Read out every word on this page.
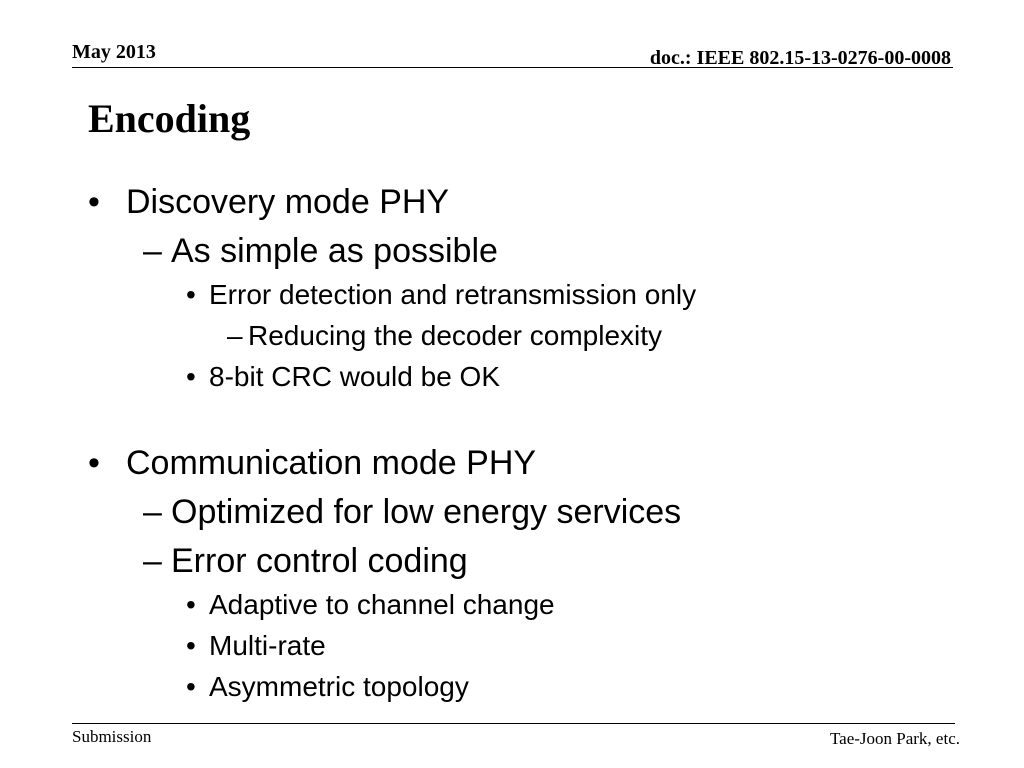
May 2013	doc.: IEEE 802.15-13-0276-00-0008
Encoding
• Discovery mode PHY
– As simple as possible
• Error detection and retransmission only
– Reducing the decoder complexity
• 8-bit CRC would be OK
• Communication mode PHY
– Optimized for low energy services
– Error control coding
• Adaptive to channel change
• Multi-rate
• Asymmetric topology
Submission	Tae-Joon Park, etc.
